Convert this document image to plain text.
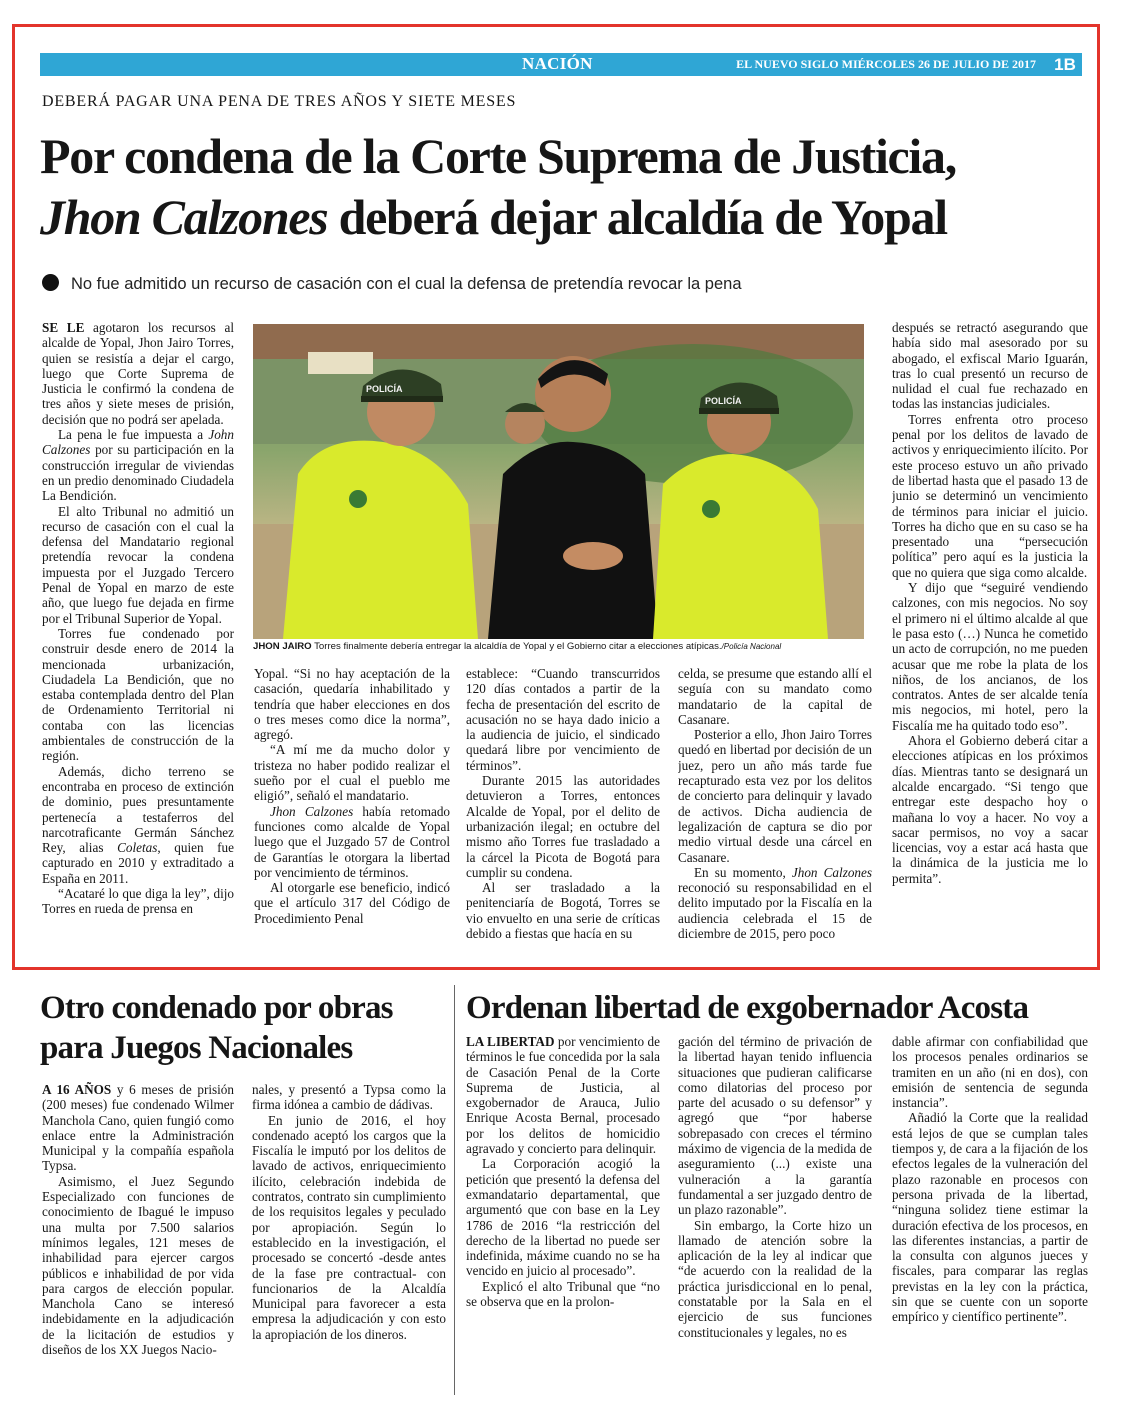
NACIÓN	EL NUEVO SIGLO MIÉRCOLES 26 DE JULIO DE 2017	1B
DEBERÁ PAGAR UNA PENA DE TRES AÑOS Y SIETE MESES
Por condena de la Corte Suprema de Justicia,
Jhon Calzones deberá dejar alcaldía de Yopal
No fue admitido un recurso de casación con el cual la defensa de pretendía revocar la pena

SE LE agotaron los recursos al alcalde de Yopal, Jhon Jairo Torres, quien se resistía a dejar el cargo, luego que Corte Suprema de Justicia le confirmó la condena de tres años y siete meses de prisión, decisión que no podrá ser apelada.

La pena le fue impuesta a John Calzones por su participación en la construcción irregular de viviendas en un predio denominado Ciudadela La Bendición.

El alto Tribunal no admitió un recurso de casación con el cual la defensa del Mandatario regional pretendía revocar la condena impuesta por el Juzgado Tercero Penal de Yopal en marzo de este año, que luego fue dejada en firme por el Tribunal Superior de Yopal.

Torres fue condenado por construir desde enero de 2014 la mencionada urbanización, Ciudadela La Bendición, que no estaba contemplada dentro del Plan de Ordenamiento Territorial ni contaba con las licencias ambientales de construcción de la región.

Además, dicho terreno se encontraba en proceso de extinción de dominio, pues presuntamente pertenecía a testaferros del narcotraficante Germán Sánchez Rey, alias Coletas, quien fue capturado en 2010 y extraditado a España en 2011.

“Acataré lo que diga la ley”, dijo Torres en rueda de prensa en

POLICÍA
POLICÍA
JHON JAIRO Torres finalmente debería entregar la alcaldía de Yopal y el Gobierno citar a elecciones atípicas./Policía Nacional

Yopal. “Si no hay aceptación de la casación, quedaría inhabilitado y tendría que haber elecciones en dos o tres meses como dice la norma”, agregó.

“A mí me da mucho dolor y tristeza no haber podido realizar el sueño por el cual el pueblo me eligió”, señaló el mandatario.

Jhon Calzones había retomado funciones como alcalde de Yopal luego que el Juzgado 57 de Control de Garantías le otorgara la libertad por vencimiento de términos.

Al otorgarle ese beneficio, indicó que el artículo 317 del Código de Procedimiento Penal

establece: “Cuando transcurridos 120 días contados a partir de la fecha de presentación del escrito de acusación no se haya dado inicio a la audiencia de juicio, el sindicado quedará libre por vencimiento de términos”.

Durante 2015 las autoridades detuvieron a Torres, entonces Alcalde de Yopal, por el delito de urbanización ilegal; en octubre del mismo año Torres fue trasladado a la cárcel la Picota de Bogotá para cumplir su condena.

Al ser trasladado a la penitenciaría de Bogotá, Torres se vio envuelto en una serie de críticas debido a fiestas que hacía en su

celda, se presume que estando allí el seguía con su mandato como mandatario de la capital de Casanare.

Posterior a ello, Jhon Jairo Torres quedó en libertad por decisión de un juez, pero un año más tarde fue recapturado esta vez por los delitos de concierto para delinquir y lavado de activos. Dicha audiencia de legalización de captura se dio por medio virtual desde una cárcel en Casanare.

En su momento, Jhon Calzones reconoció su responsabilidad en el delito imputado por la Fiscalía en la audiencia celebrada el 15 de diciembre de 2015, pero poco

después se retractó asegurando que había sido mal asesorado por su abogado, el exfiscal Mario Iguarán, tras lo cual presentó un recurso de nulidad el cual fue rechazado en todas las instancias judiciales.

Torres enfrenta otro proceso penal por los delitos de lavado de activos y enriquecimiento ilícito. Por este proceso estuvo un año privado de libertad hasta que el pasado 13 de junio se determinó un vencimiento de términos para iniciar el juicio. Torres ha dicho que en su caso se ha presentado una “persecución política” pero aquí es la justicia la que no quiera que siga como alcalde.

Y dijo que “seguiré vendiendo calzones, con mis negocios. No soy el primero ni el último alcalde al que le pasa esto (…) Nunca he cometido un acto de corrupción, no me pueden acusar que me robe la plata de los niños, de los ancianos, de los contratos. Antes de ser alcalde tenía mis negocios, mi hotel, pero la Fiscalía me ha quitado todo eso”.

Ahora el Gobierno deberá citar a elecciones atípicas en los próximos días. Mientras tanto se designará un alcalde encargado. “Si tengo que entregar este despacho hoy o mañana lo voy a hacer. No voy a sacar permisos, no voy a sacar licencias, voy a estar acá hasta que la dinámica de la justicia me lo permita”.

Otro condenado por obras para Juegos Nacionales

A 16 AÑOS y 6 meses de prisión (200 meses) fue condenado Wilmer Manchola Cano, quien fungió como enlace entre la Administración Municipal y la compañía española Typsa.

Asimismo, el Juez Segundo Especializado con funciones de conocimiento de Ibagué le impuso una multa por 7.500 salarios mínimos legales, 121 meses de inhabilidad para ejercer cargos públicos e inhabilidad de por vida para cargos de elección popular. Manchola Cano se interesó indebidamente en la adjudicación de la licitación de estudios y diseños de los XX Juegos Nacio-

nales, y presentó a Typsa como la firma idónea a cambio de dádivas.

En junio de 2016, el hoy condenado aceptó los cargos que la Fiscalía le imputó por los delitos de lavado de activos, enriquecimiento ilícito, celebración indebida de contratos, contrato sin cumplimiento de los requisitos legales y peculado por apropiación. Según lo establecido en la investigación, el procesado se concertó -desde antes de la fase pre contractual- con funcionarios de la Alcaldía Municipal para favorecer a esta empresa la adjudicación y con esto la apropiación de los dineros.

Ordenan libertad de exgobernador Acosta

LA LIBERTAD por vencimiento de términos le fue concedida por la sala de Casación Penal de la Corte Suprema de Justicia, al exgobernador de Arauca, Julio Enrique Acosta Bernal, procesado por los delitos de homicidio agravado y concierto para delinquir.

La Corporación acogió la petición que presentó la defensa del exmandatario departamental, que argumentó que con base en la Ley 1786 de 2016 “la restricción del derecho de la libertad no puede ser indefinida, máxime cuando no se ha vencido en juicio al procesado”.

Explicó el alto Tribunal que “no se observa que en la prolon-

gación del término de privación de la libertad hayan tenido influencia situaciones que pudieran calificarse como dilatorias del proceso por parte del acusado o su defensor” y agregó que “por haberse sobrepasado con creces el término máximo de vigencia de la medida de aseguramiento (...) existe una vulneración a la garantía fundamental a ser juzgado dentro de un plazo razonable”.

Sin embargo, la Corte hizo un llamado de atención sobre la aplicación de la ley al indicar que “de acuerdo con la realidad de la práctica jurisdiccional en lo penal, constatable por la Sala en el ejercicio de sus funciones constitucionales y legales, no es

dable afirmar con confiabilidad que los procesos penales ordinarios se tramiten en un año (ni en dos), con emisión de sentencia de segunda instancia”.

Añadió la Corte que la realidad está lejos de que se cumplan tales tiempos y, de cara a la fijación de los efectos legales de la vulneración del plazo razonable en procesos con persona privada de la libertad, “ninguna solidez tiene estimar la duración efectiva de los procesos, en las diferentes instancias, a partir de la consulta con algunos jueces y fiscales, para comparar las reglas previstas en la ley con la práctica, sin que se cuente con un soporte empírico y científico pertinente”.
